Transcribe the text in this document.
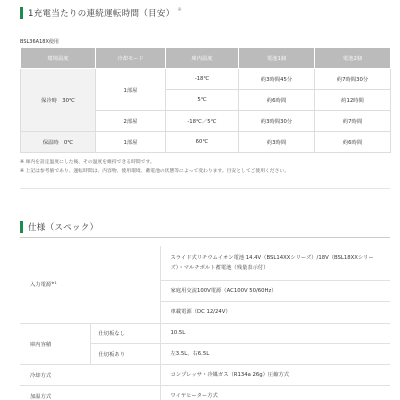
1充電当たりの連続運転時間（目安） ※
BSL36A18X使用
環境温度	冷却モード	庫内温度	電池1個	電池2個
保冷時　30℃	1部屋	-18℃	約3時間45分	約7時間30分
		5℃	約6時間	約12時間
	2部屋	-18℃／5℃	約3時間30分	約7時間
保温時　0℃	1部屋	60℃	約3時間	約6時間
※ 庫内を設定温度にした後、その温度を維持できる時間です。
※ 上記は参考値であり、運転時間は、内容物、使用環境、蓄電池の状態等によって変わります。目安としてご使用ください。
仕様（スペック）
入力電源$^{※1}$		スライド式リチウムイオン電池 14.4V（BSL14XXシリーズ）/18V（BSL18XXシリーズ）・マルチボルト蓄電池（残量表示付）
		家庭用交流100V電源（AC100V 50/60Hz）
		車載電源（DC 12/24V）
庫内容積	仕切板なし	10.5L
	仕切板あり	左3.5L、右6.5L
冷却方式		コンプレッサ・冷媒ガス（R134a 26g）圧縮方式
加温方式		ワイヤヒーター方式
